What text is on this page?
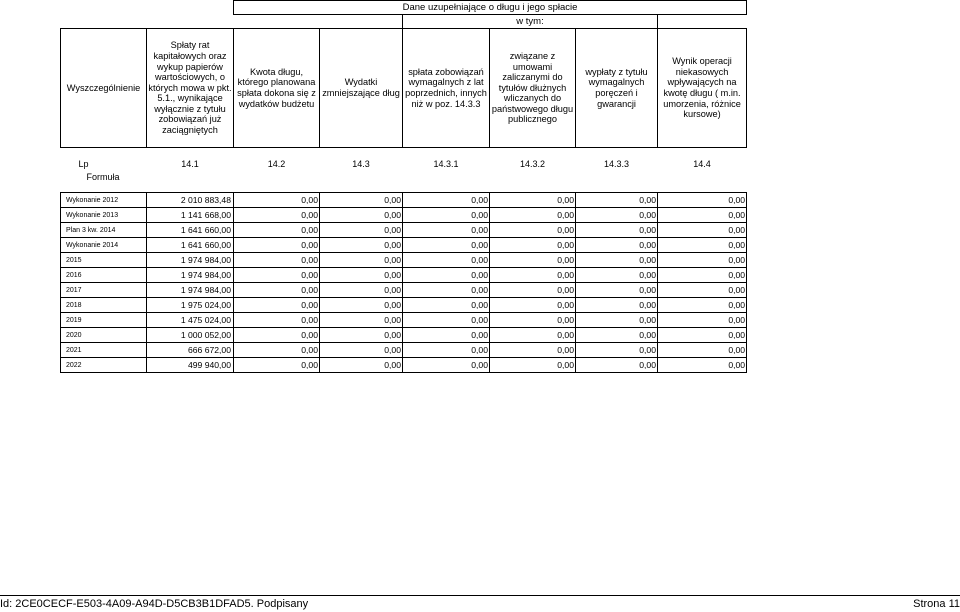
		Dane uzupełniające o długu i jego spłacie					
				w tym:			
Wyszczególnienie	Spłaty rat kapitałowych oraz wykup papierów wartościowych, o których mowa w pkt. 5.1., wynikające wyłącznie z tytułu zobowiązań już zaciągniętych	Kwota długu, którego planowana spłata dokona się z wydatków budżetu	Wydatki zmniejszające dług	spłata zobowiązań wymagalnych z lat poprzednich, innych niż w poz. 14.3.3	związane z umowami zaliczanymi do tytułów dłużnych wliczanych do państwowego długu publicznego	wypłaty z tytułu wymagalnych poręczeń i gwarancji	Wynik operacji niekasowych wpływających na kwotę długu ( m.in. umorzenia, różnice kursowe)

Lp	14.1	14.2	14.3	14.3.1	14.3.2	14.3.3	14.4
Formuła							

Wykonanie 2012	2 010 883,48	0,00	0,00	0,00	0,00	0,00	0,00
Wykonanie 2013	1 141 668,00	0,00	0,00	0,00	0,00	0,00	0,00
Plan 3 kw. 2014	1 641 660,00	0,00	0,00	0,00	0,00	0,00	0,00
Wykonanie 2014	1 641 660,00	0,00	0,00	0,00	0,00	0,00	0,00
2015	1 974 984,00	0,00	0,00	0,00	0,00	0,00	0,00
2016	1 974 984,00	0,00	0,00	0,00	0,00	0,00	0,00
2017	1 974 984,00	0,00	0,00	0,00	0,00	0,00	0,00
2018	1 975 024,00	0,00	0,00	0,00	0,00	0,00	0,00
2019	1 475 024,00	0,00	0,00	0,00	0,00	0,00	0,00
2020	1 000 052,00	0,00	0,00	0,00	0,00	0,00	0,00
2021	666 672,00	0,00	0,00	0,00	0,00	0,00	0,00
2022	499 940,00	0,00	0,00	0,00	0,00	0,00	0,00
Id: 2CE0CECF-E503-4A09-A94D-D5CB3B1DFAD5. Podpisany	Strona 11
